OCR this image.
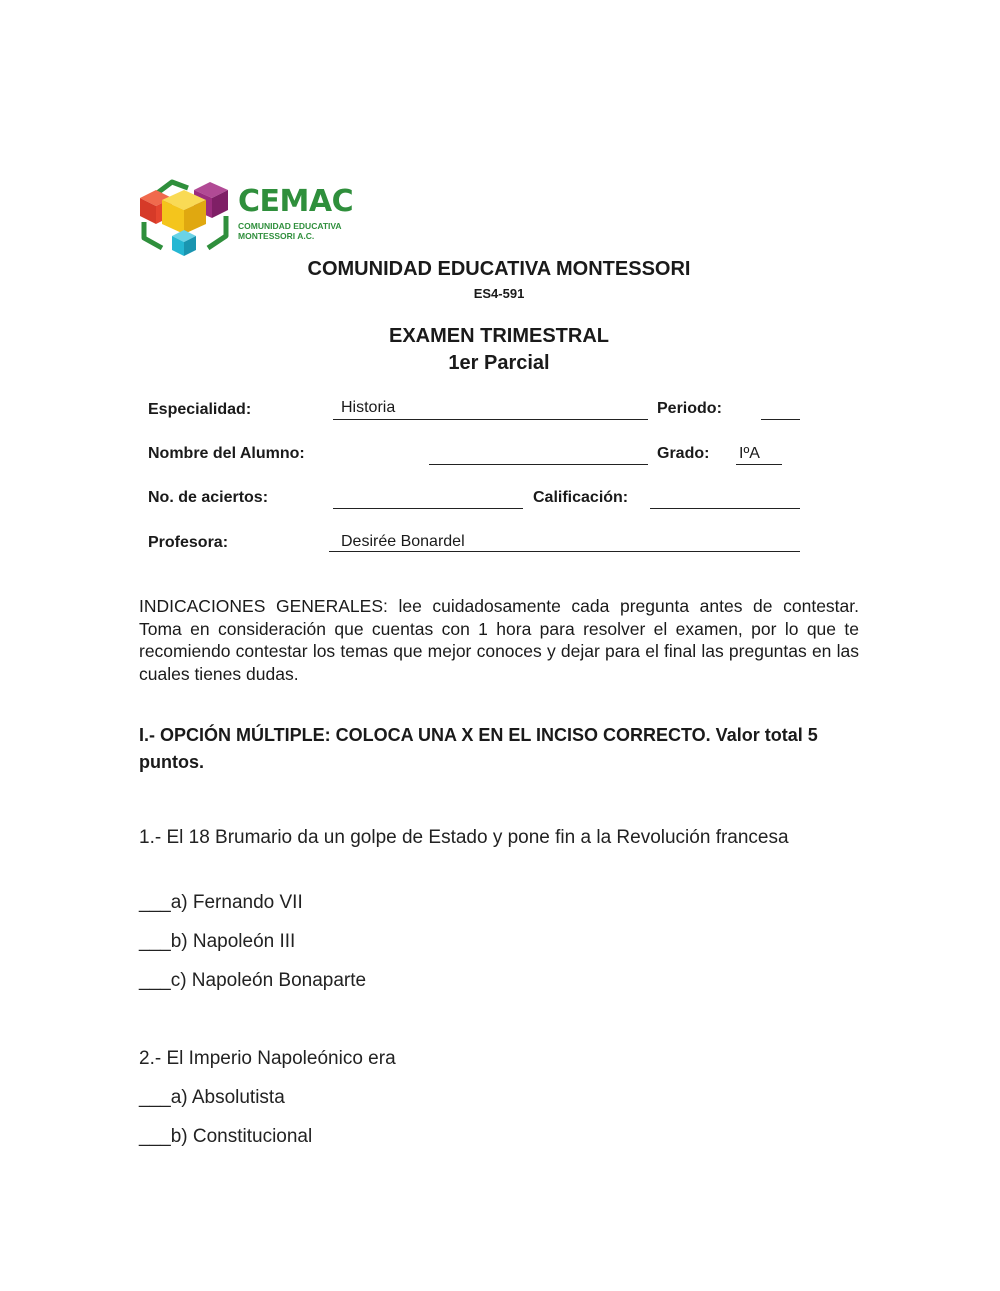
CEMAC
COMUNIDAD EDUCATIVA
MONTESSORI A.C.
COMUNIDAD EDUCATIVA MONTESSORI
ES4-591
EXAMEN TRIMESTRAL
1er Parcial
Especialidad:	Historia	Periodo:
Nombre del Alumno:	Grado: IºA
No. de aciertos:	Calificación:
Profesora:	Desirée Bonardel
INDICACIONES GENERALES: lee cuidadosamente cada pregunta antes de contestar. Toma en consideración que cuentas con 1 hora para resolver el examen, por lo que te recomiendo contestar los temas que mejor conoces y dejar para el final las preguntas en las cuales tienes dudas.
I.- OPCIÓN MÚLTIPLE: COLOCA UNA X EN EL INCISO CORRECTO. Valor total 5 puntos.
1.- El 18 Brumario da un golpe de Estado y pone fin a la Revolución francesa
___a) Fernando VII
___b) Napoleón III
___c) Napoleón Bonaparte
2.- El Imperio Napoleónico era
___a) Absolutista
___b) Constitucional
